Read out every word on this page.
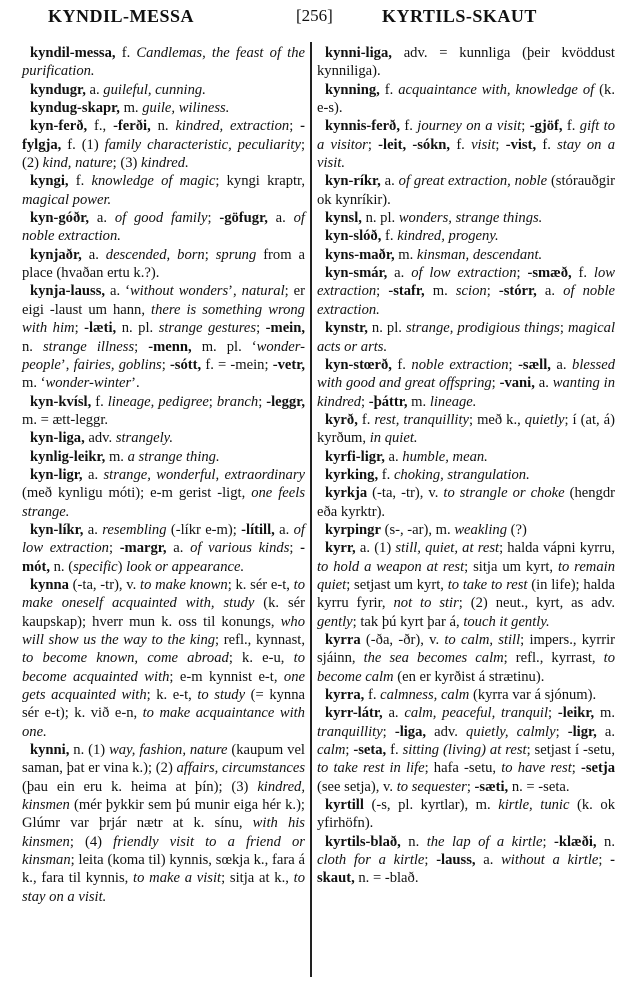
KYNDIL-MESSA	[256]	KYRTILS-SKAUT

kyndil-messa, f. Candlemas, the feast of the purification.

kyndugr, a. guileful, cunning.

kyndug-skapr, m. guile, wiliness.

kyn-ferð, f., -ferði, n. kindred, extraction; -fylgja, f. (1) family characteristic, peculiarity; (2) kind, nature; (3) kindred.

kyngi, f. knowledge of magic; kyngi kraptr, magical power.

kyn-góðr, a. of good family; -göfugr, a. of noble extraction.

kynjaðr, a. descended, born; sprung from a place (hvaðan ertu k.?).

kynja-lauss, a. ‘without wonders’, natural; er eigi -laust um hann, there is something wrong with him; -læti, n. pl. strange gestures; -mein, n. strange illness; -menn, m. pl. ‘wonder-people’, fairies, goblins; -sótt, f. = -mein; -vetr, m. ‘wonder-winter’.

kyn-kvísl, f. lineage, pedigree; branch; -leggr, m. = ætt-leggr.

kyn-liga, adv. strangely.

kynlig-leikr, m. a strange thing.

kyn-ligr, a. strange, wonderful, extraordinary (með kynligu móti); e-m gerist -ligt, one feels strange.

kyn-líkr, a. resembling (-líkr e-m); -lítill, a. of low extraction; -margr, a. of various kinds; -mót, n. (specific) look or appearance.

kynna (-ta, -tr), v. to make known; k. sér e-t, to make oneself acquainted with, study (k. sér kaupskap); hverr mun k. oss til konungs, who will show us the way to the king; refl., kynnast, to become known, come abroad; k. e-u, to become acquainted with; e-m kynnist e-t, one gets acquainted with; k. e-t, to study (= kynna sér e-t); k. við e-n, to make acquaintance with one.

kynni, n. (1) way, fashion, nature (kaupum vel saman, þat er vina k.); (2) affairs, circumstances (þau ein eru k. heima at þín); (3) kindred, kinsmen (mér þykkir sem þú munir eiga hér k.); Glúmr var þrjár nætr at k. sínu, with his kinsmen; (4) friendly visit to a friend or kinsman; leita (koma til) kynnis, sœkja k., fara á k., fara til kynnis, to make a visit; sitja at k., to stay on a visit.

kynni-liga, adv. = kunnliga (þeir kvöddust kynniliga).

kynning, f. acquaintance with, knowledge of (k. e-s).

kynnis-ferð, f. journey on a visit; -gjöf, f. gift to a visitor; -leit, -sókn, f. visit; -vist, f. stay on a visit.

kyn-ríkr, a. of great extraction, noble (stórauðgir ok kynríkir).

kynsl, n. pl. wonders, strange things.

kyn-slóð, f. kindred, progeny.

kyns-maðr, m. kinsman, descendant.

kyn-smár, a. of low extraction; -smæð, f. low extraction; -stafr, m. scion; -stórr, a. of noble extraction.

kynstr, n. pl. strange, prodigious things; magical acts or arts.

kyn-stœrð, f. noble extraction; -sæll, a. blessed with good and great offspring; -vani, a. wanting in kindred; -þáttr, m. lineage.

kyrð, f. rest, tranquillity; með k., quietly; í (at, á) kyrðum, in quiet.

kyrfi-ligr, a. humble, mean.

kyrking, f. choking, strangulation.

kyrkja (-ta, -tr), v. to strangle or choke (hengdr eða kyrktr).

kyrpingr (s-, -ar), m. weakling (?)

kyrr, a. (1) still, quiet, at rest; halda vápni kyrru, to hold a weapon at rest; sitja um kyrt, to remain quiet; setjast um kyrt, to take to rest (in life); halda kyrru fyrir, not to stir; (2) neut., kyrt, as adv. gently; tak þú kyrt þar á, touch it gently.

kyrra (-ða, -ðr), v. to calm, still; impers., kyrrir sjáinn, the sea becomes calm; refl., kyrrast, to become calm (en er kyrðist á strætinu).

kyrra, f. calmness, calm (kyrra var á sjónum).

kyrr-látr, a. calm, peaceful, tranquil; -leikr, m. tranquillity; -liga, adv. quietly, calmly; -ligr, a. calm; -seta, f. sitting (living) at rest; setjast í -setu, to take rest in life; hafa -setu, to have rest; -setja (see setja), v. to sequester; -sæti, n. = -seta.

kyrtill (-s, pl. kyrtlar), m. kirtle, tunic (k. ok yfirhöfn).

kyrtils-blað, n. the lap of a kirtle; -klæði, n. cloth for a kirtle; -lauss, a. without a kirtle; -skaut, n. = -blað.
